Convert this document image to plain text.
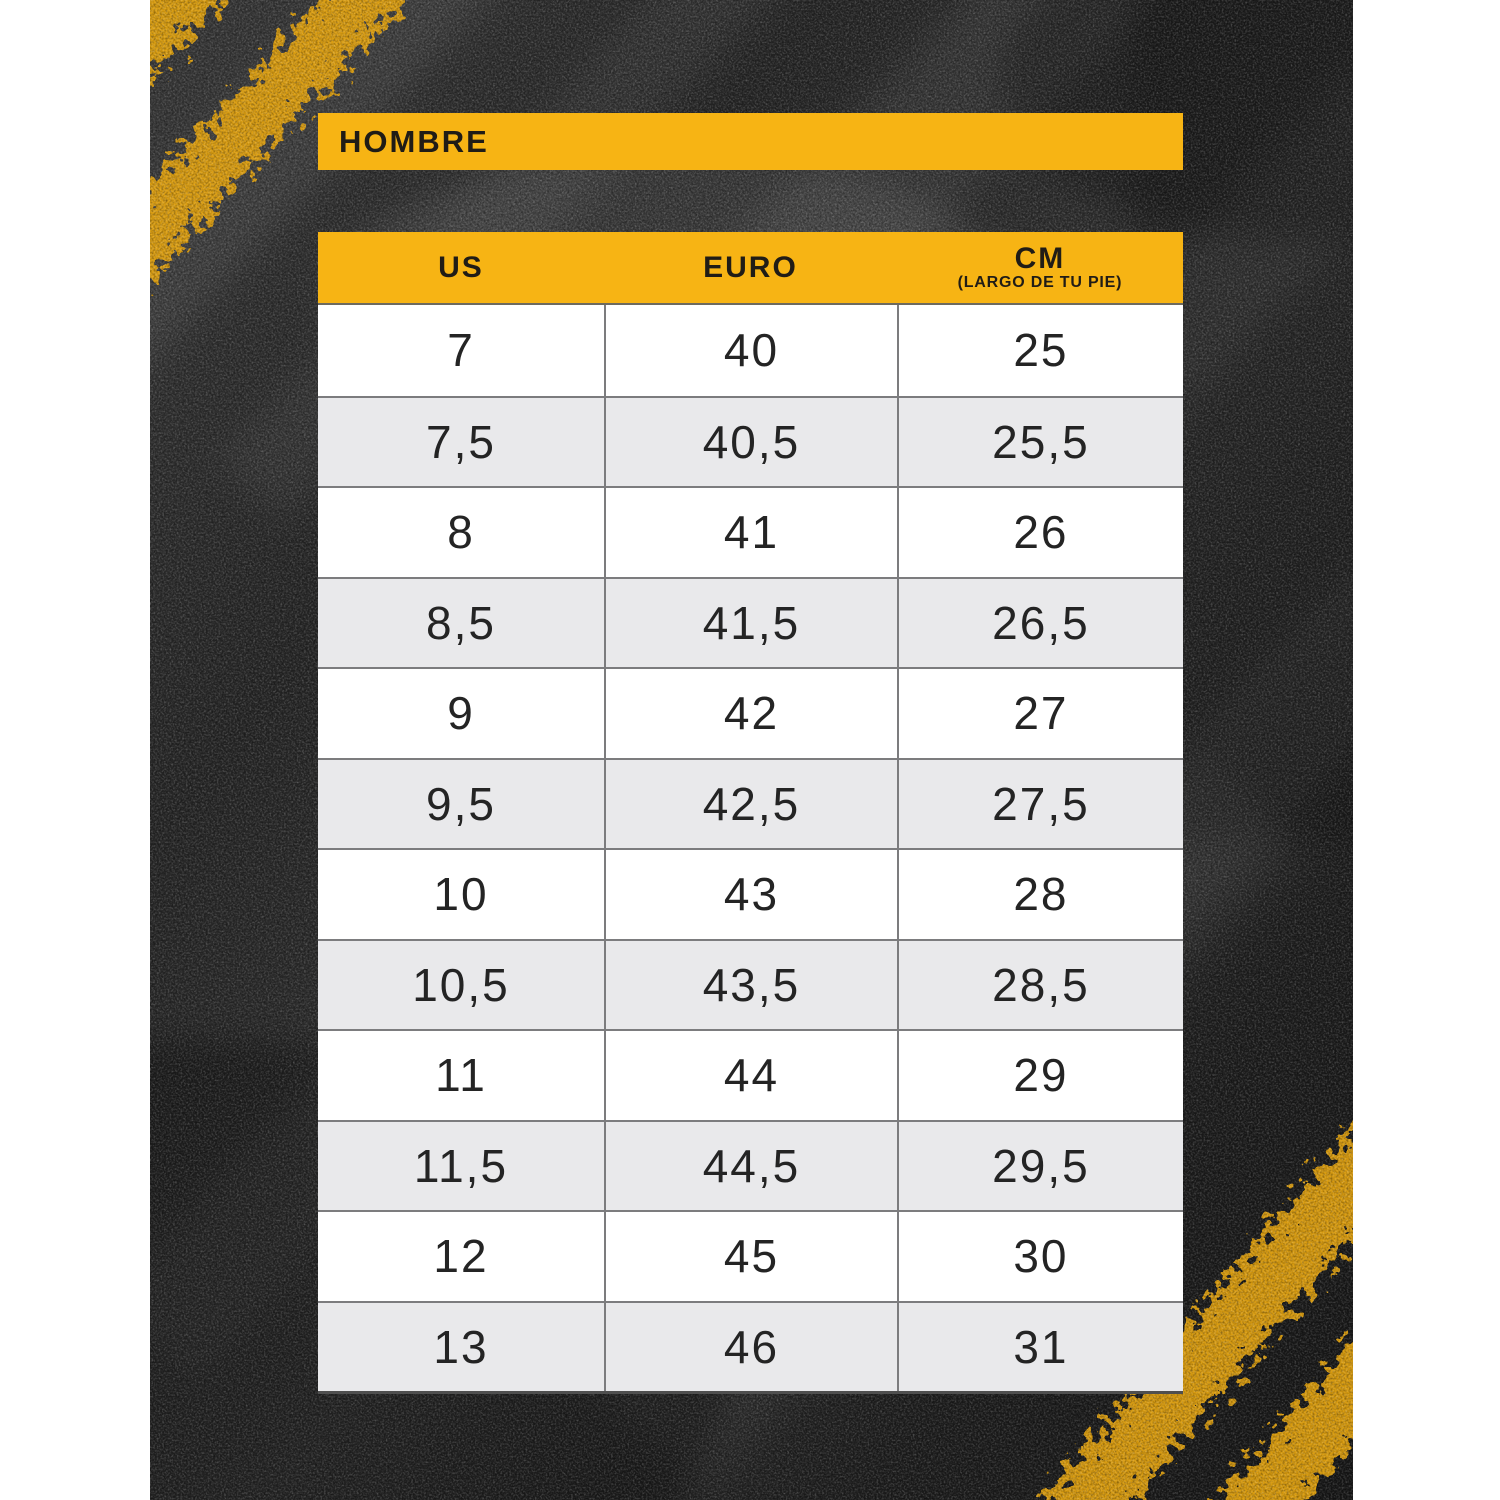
HOMBRE
US	EURO	CM
(LARGO DE TU PIE)
7	40	25
7,5	40,5	25,5
8	41	26
8,5	41,5	26,5
9	42	27
9,5	42,5	27,5
10	43	28
10,5	43,5	28,5
11	44	29
11,5	44,5	29,5
12	45	30
13	46	31
